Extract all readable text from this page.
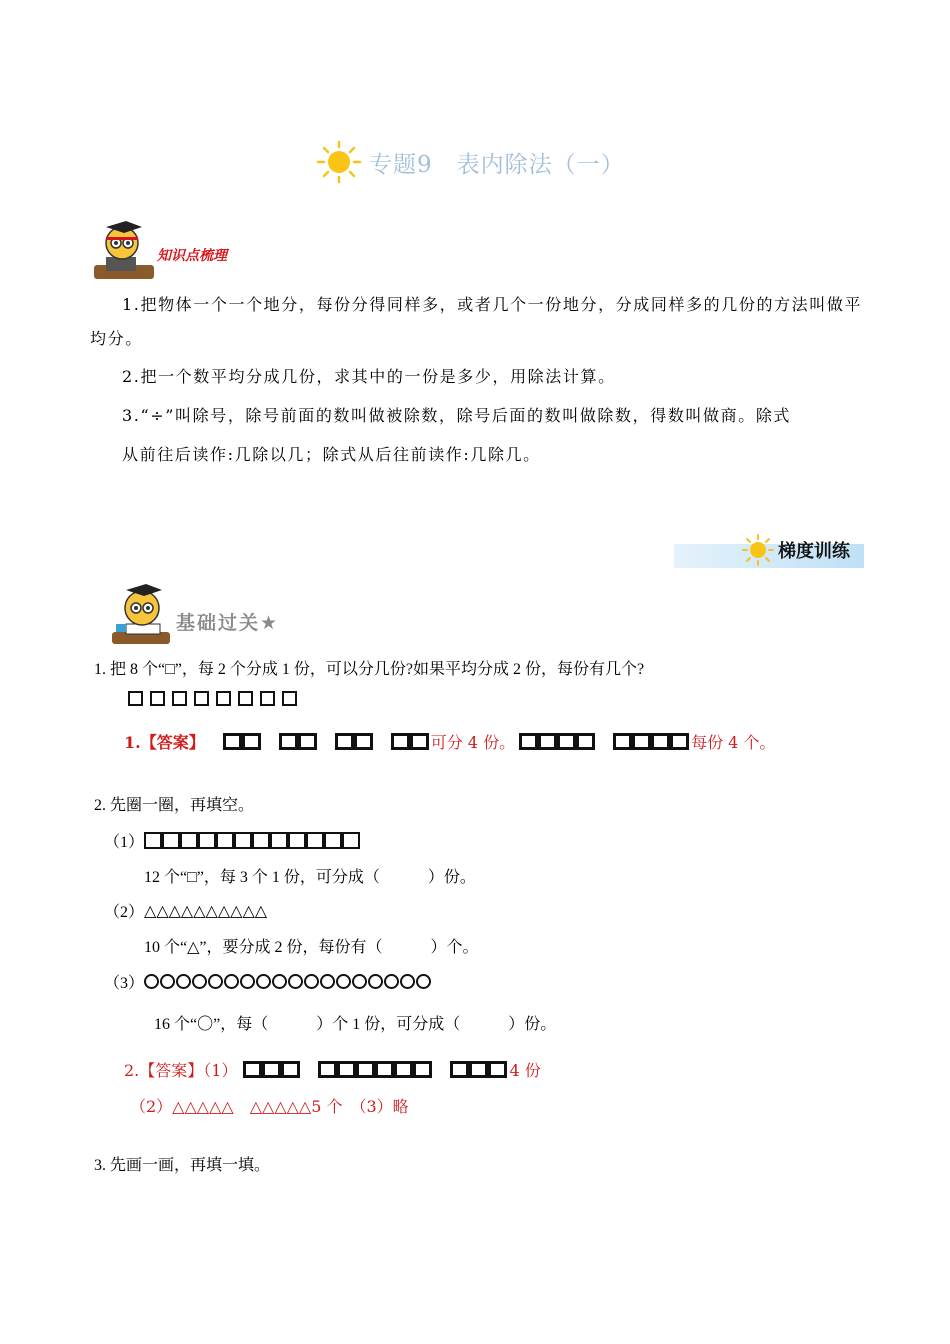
专题9　表内除法（一）
知识点梳理
1.把物体一个一个地分，每份分得同样多，或者几个一份地分，分成同样多的几份的方法叫做平均分。
2.把一个数平均分成几份，求其中的一份是多少，用除法计算。
3.“÷”叫除号，除号前面的数叫做被除数，除号后面的数叫做除数，得数叫做商。除式
从前往后读作:几除以几；除式从后往前读作:几除几。
梯度训练
基础过关★
1. 把 8 个“□”，每 2 个分成 1 份，可以分几份?如果平均分成 2 份，每份有几个?
1.【答案】	可分 4 份。	每份 4 个。
2. 先圈一圈，再填空。
（1）
12 个“□”，每 3 个 1 份，可分成（　　　）份。
（2） △△△△△△△△△△
10 个“△”，要分成 2 份，每份有（　　　）个。
（3）
16 个“〇”，每（　　　）个 1 份，可分成（　　　）份。
2.【答案】（1）	4 份
（2）△△△△△　△△△△△5 个　（3）略
3. 先画一画，再填一填。
